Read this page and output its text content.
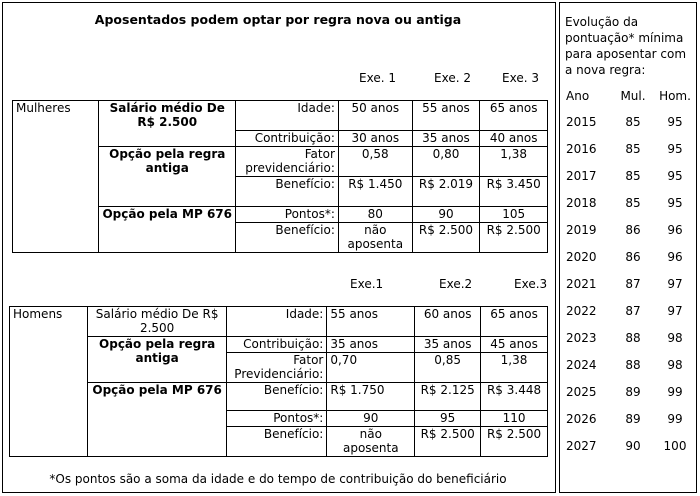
Aposentados podem optar por regra nova ou antiga
Exe. 1	Exe. 2	Exe. 3
Mulheres	Salário médio De R$ 2.500	Idade:	50 anos	55 anos	65 anos
		Contribuição:	30 anos	35 anos	40 anos
	Opção pela regra antiga	Fator previdenciário:	0,58	0,80	1,38
		Benefício:	R$ 1.450	R$ 2.019	R$ 3.450
	Opção pela MP 676	Pontos*:	80	90	105
		Benefício:	não aposenta	R$ 2.500	R$ 2.500
Exe.1	Exe.2	Exe.3
Homens	Salário médio De R$ 2.500	Idade:	55 anos	60 anos	65 anos
	Opção pela regra antiga	Contribuição:	35 anos	35 anos	45 anos
		Fator Previdenciário:	0,70	0,85	1,38
	Opção pela MP 676	Benefício:	R$ 1.750	R$ 2.125	R$ 3.448
		Pontos*:	90	95	110
		Benefício:	não aposenta	R$ 2.500	R$ 2.500
*Os pontos são a soma da idade e do tempo de contribuição do beneficiário
Evolução da pontuação* mínima para aposentar com a nova regra:
Ano	Mul.	Hom.
2015	85	95
2016	85	95
2017	85	95
2018	85	95
2019	86	96
2020	86	96
2021	87	97
2022	87	97
2023	88	98
2024	88	98
2025	89	99
2026	89	99
2027	90	100
